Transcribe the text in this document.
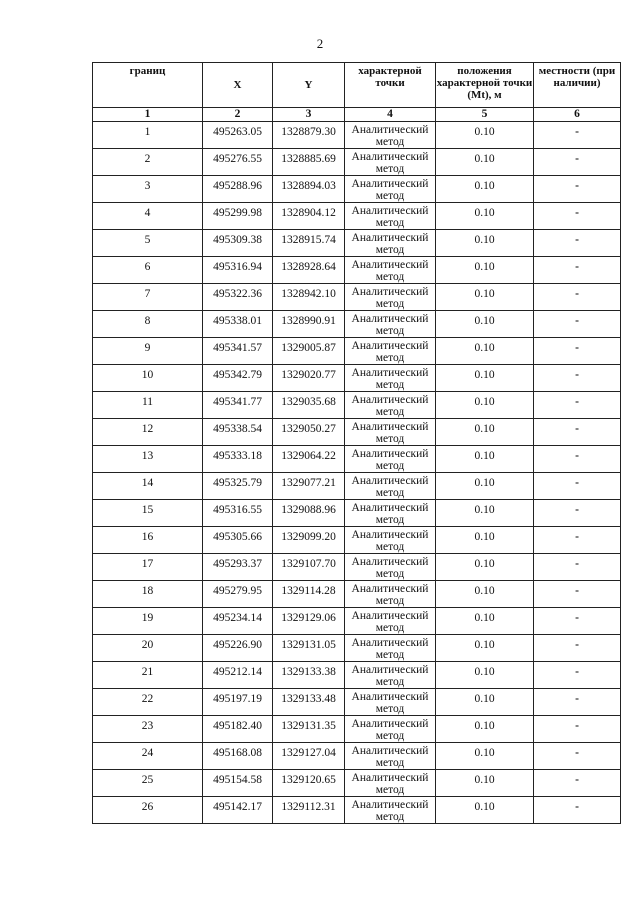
2
границ	X	Y	характерной точки	положения характерной точки (Mt), м	местности (при наличии)
1	2	3	4	5	6
1	495263.05	1328879.30	Аналитический метод	0.10	-
2	495276.55	1328885.69	Аналитический метод	0.10	-
3	495288.96	1328894.03	Аналитический метод	0.10	-
4	495299.98	1328904.12	Аналитический метод	0.10	-
5	495309.38	1328915.74	Аналитический метод	0.10	-
6	495316.94	1328928.64	Аналитический метод	0.10	-
7	495322.36	1328942.10	Аналитический метод	0.10	-
8	495338.01	1328990.91	Аналитический метод	0.10	-
9	495341.57	1329005.87	Аналитический метод	0.10	-
10	495342.79	1329020.77	Аналитический метод	0.10	-
11	495341.77	1329035.68	Аналитический метод	0.10	-
12	495338.54	1329050.27	Аналитический метод	0.10	-
13	495333.18	1329064.22	Аналитический метод	0.10	-
14	495325.79	1329077.21	Аналитический метод	0.10	-
15	495316.55	1329088.96	Аналитический метод	0.10	-
16	495305.66	1329099.20	Аналитический метод	0.10	-
17	495293.37	1329107.70	Аналитический метод	0.10	-
18	495279.95	1329114.28	Аналитический метод	0.10	-
19	495234.14	1329129.06	Аналитический метод	0.10	-
20	495226.90	1329131.05	Аналитический метод	0.10	-
21	495212.14	1329133.38	Аналитический метод	0.10	-
22	495197.19	1329133.48	Аналитический метод	0.10	-
23	495182.40	1329131.35	Аналитический метод	0.10	-
24	495168.08	1329127.04	Аналитический метод	0.10	-
25	495154.58	1329120.65	Аналитический метод	0.10	-
26	495142.17	1329112.31	Аналитический метод	0.10	-
